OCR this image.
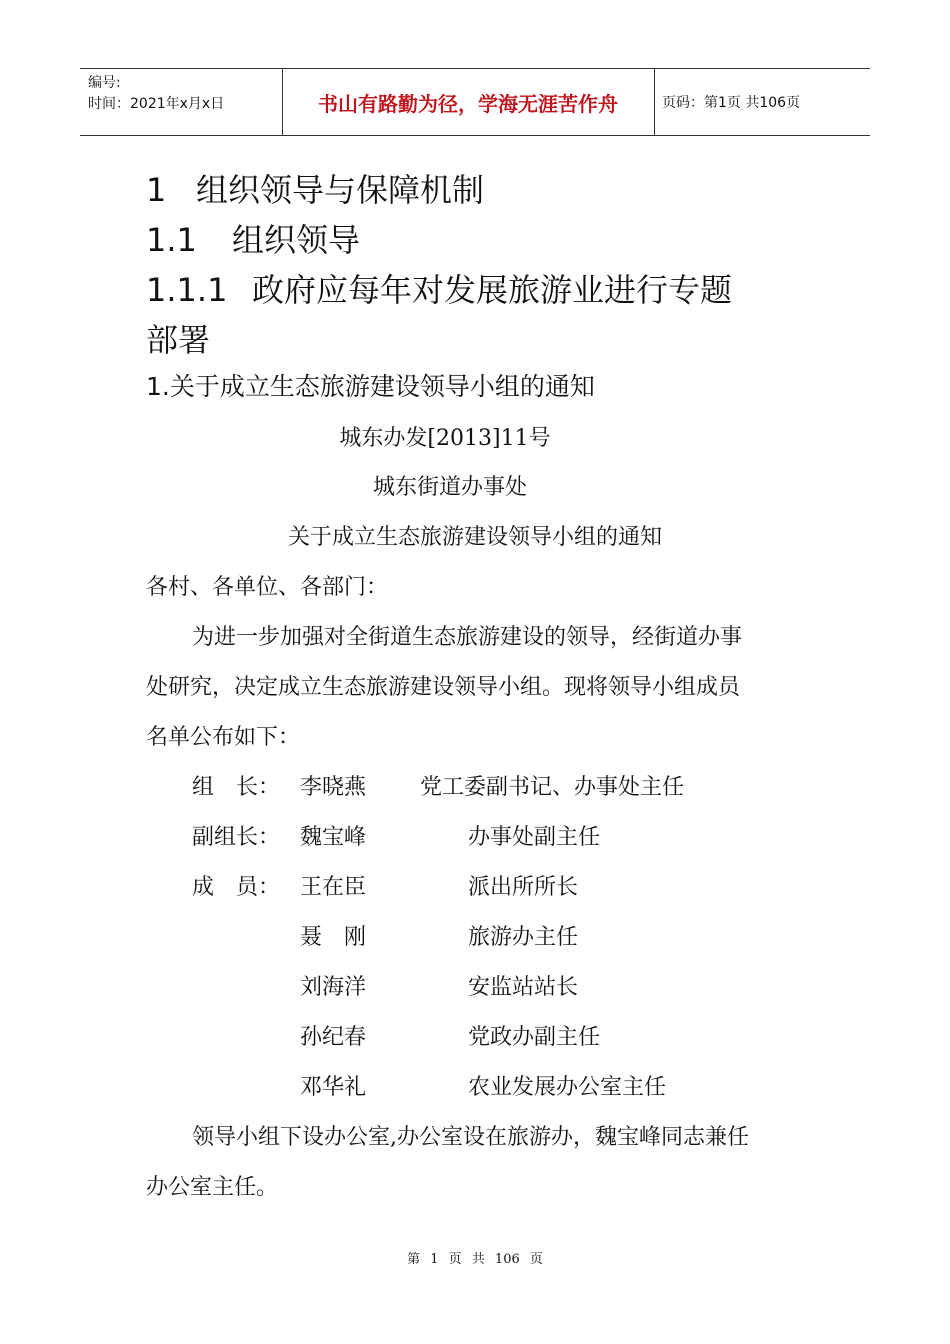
编号:
时间：2021年x月x日	书山有路勤为径，学海无涯苦作舟	页码：第1页 共106页
1 组织领导与保障机制
1.1 组织领导
1.1.1 政府应每年对发展旅游业进行专题
部署
1.关于成立生态旅游建设领导小组的通知
城东办发[2013]11号
城东街道办事处
关于成立生态旅游建设领导小组的通知
各村、各单位、各部门：
为进一步加强对全街道生态旅游建设的领导，经街道办事
处研究，决定成立生态旅游建设领导小组。现将领导小组成员
名单公布如下：
组　长： 李晓燕 党工委副书记、办事处主任
副组长： 魏宝峰	办事处副主任
成　员： 王在臣	派出所所长
聂　刚	旅游办主任
刘海洋	安监站站长
孙纪春	党政办副主任
邓华礼	农业发展办公室主任
领导小组下设办公室,办公室设在旅游办，魏宝峰同志兼任
办公室主任。
第 1 页 共 106 页
